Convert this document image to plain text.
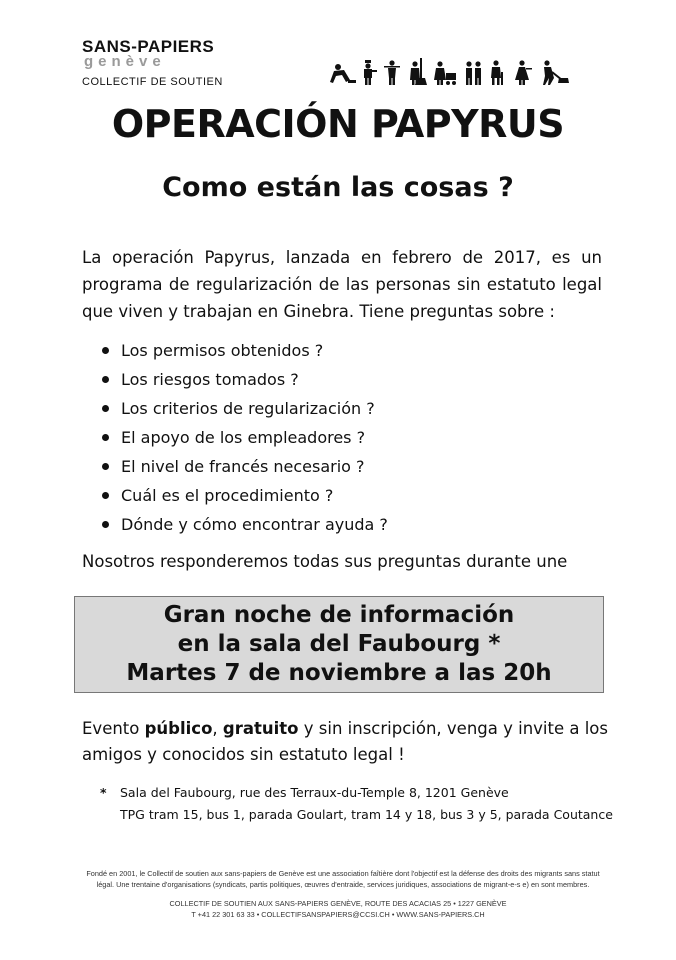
SANS-PAPIERS
genève
COLLECTIF DE SOUTIEN
OPERACIÓN PAPYRUS
Como están las cosas ?

La operación Papyrus, lanzada en febrero de 2017, es un programa de regularización de las personas sin estatuto legal que viven y trabajan en Ginebra. Tiene preguntas sobre :

Los permisos obtenidos ?
Los riesgos tomados ?
Los criterios de regularización ?
El apoyo de los empleadores ?
El nivel de francés necesario ?
Cuál es el procedimiento ?
Dónde y cómo encontrar ayuda ?

Nosotros responderemos todas sus preguntas durante une

Gran noche de información
en la sala del Faubourg *
Martes 7 de noviembre a las 20h

Evento público, gratuito y sin inscripción, venga y invite a los amigos y conocidos sin estatuto legal !

* Sala del Faubourg, rue des Terraux-du-Temple 8, 1201 Genève
TPG tram 15, bus 1, parada Goulart, tram 14 y 18, bus 3 y 5, parada Coutance
Fondé en 2001, le Collectif de soutien aux sans-papiers de Genève est une association faîtière dont l'objectif est la défense des droits des migrants sans statut légal. Une trentaine d'organisations (syndicats, partis politiques, œuvres d'entraide, services juridiques, associations de migrant-e-s e) en sont membres.
COLLECTIF DE SOUTIEN AUX SANS-PAPIERS GENÈVE, ROUTE DES ACACIAS 25 • 1227 GENÈVE
T +41 22 301 63 33 • COLLECTIFSANSPAPIERS@CCSI.CH • WWW.SANS-PAPIERS.CH
